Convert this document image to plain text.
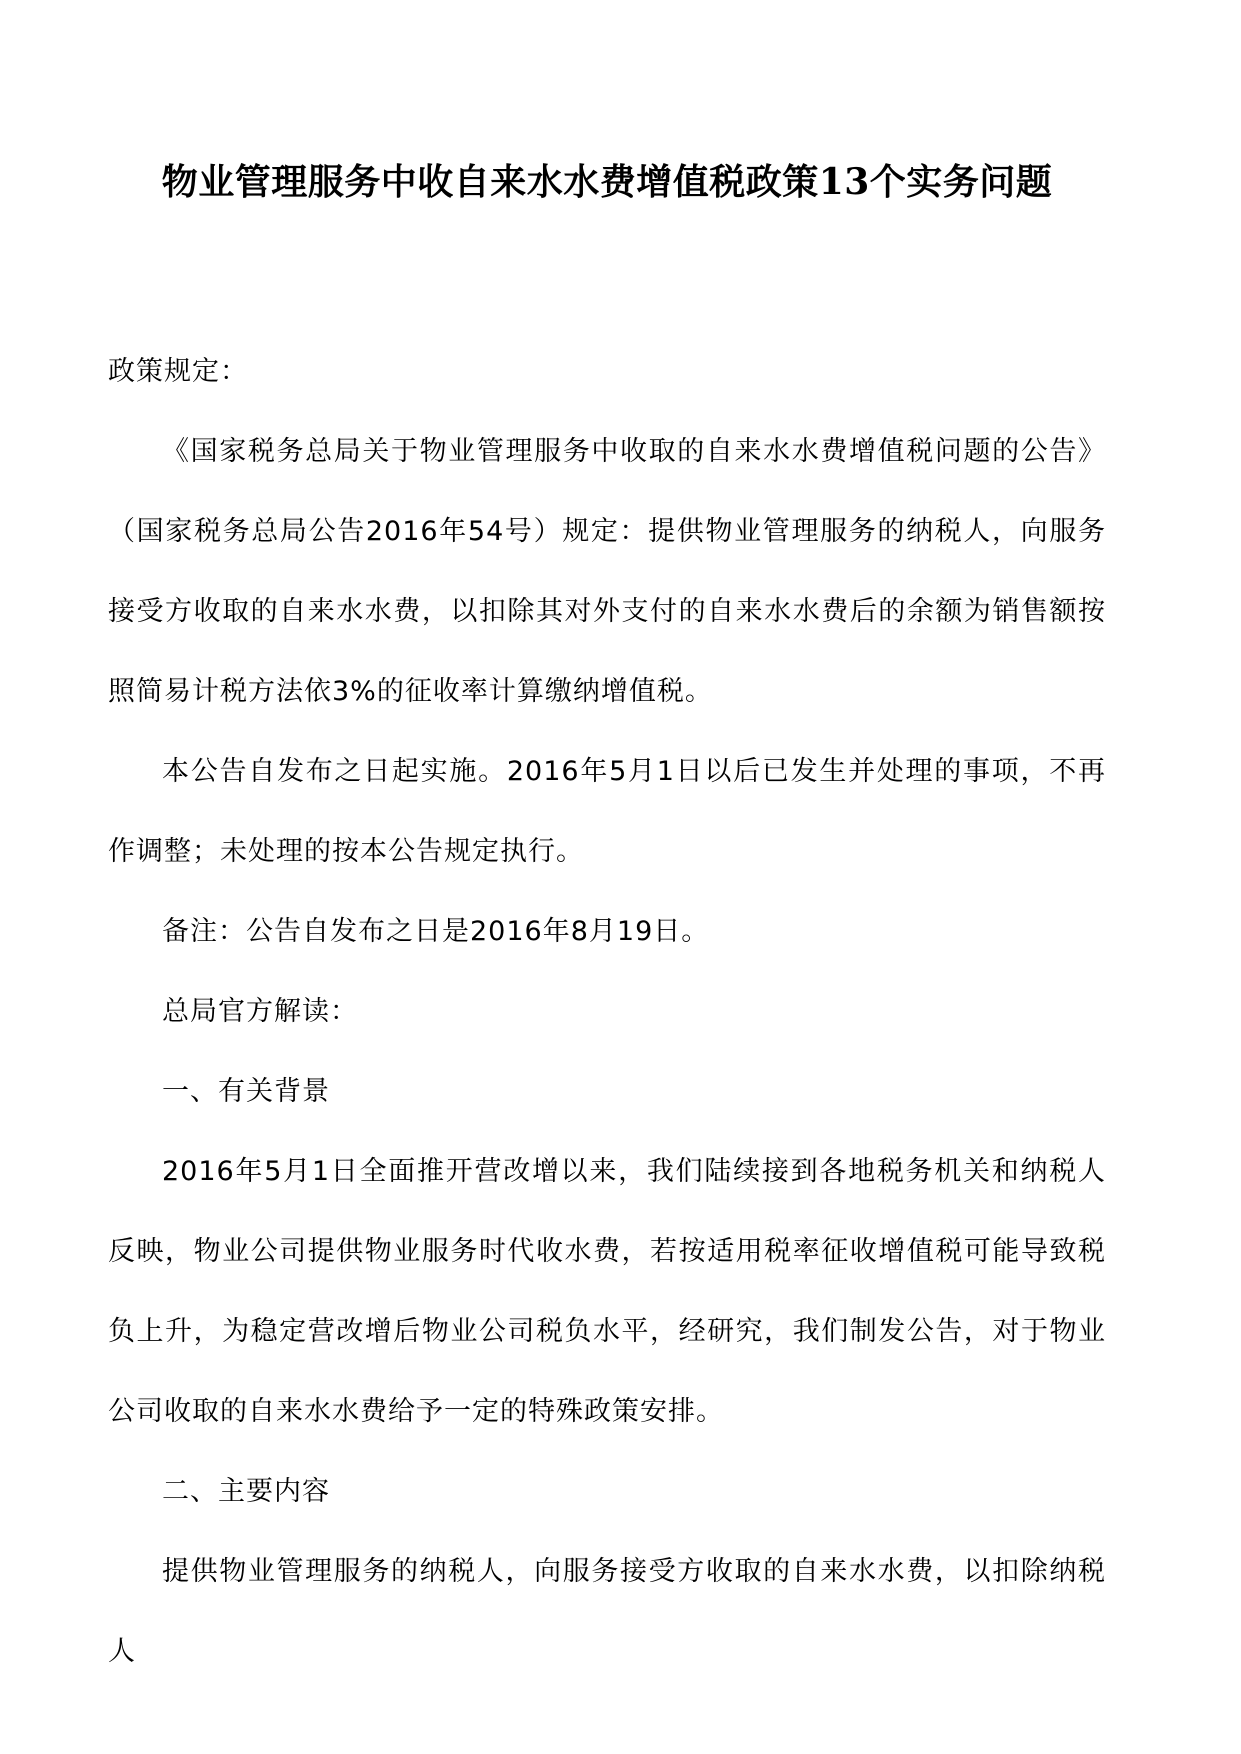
物业管理服务中收自来水水费增值税政策13个实务问题

政策规定：

《国家税务总局关于物业管理服务中收取的自来水水费增值税问题的公告》（国家税务总局公告2016年54号）规定：提供物业管理服务的纳税人，向服务接受方收取的自来水水费，以扣除其对外支付的自来水水费后的余额为销售额按照简易计税方法依3%的征收率计算缴纳增值税。

本公告自发布之日起实施。2016年5月1日以后已发生并处理的事项，不再作调整；未处理的按本公告规定执行。

备注：公告自发布之日是2016年8月19日。

总局官方解读：

一、有关背景

2016年5月1日全面推开营改增以来，我们陆续接到各地税务机关和纳税人反映，物业公司提供物业服务时代收水费，若按适用税率征收增值税可能导致税负上升，为稳定营改增后物业公司税负水平，经研究，我们制发公告，对于物业公司收取的自来水水费给予一定的特殊政策安排。

二、主要内容

提供物业管理服务的纳税人，向服务接受方收取的自来水水费，以扣除纳税人
